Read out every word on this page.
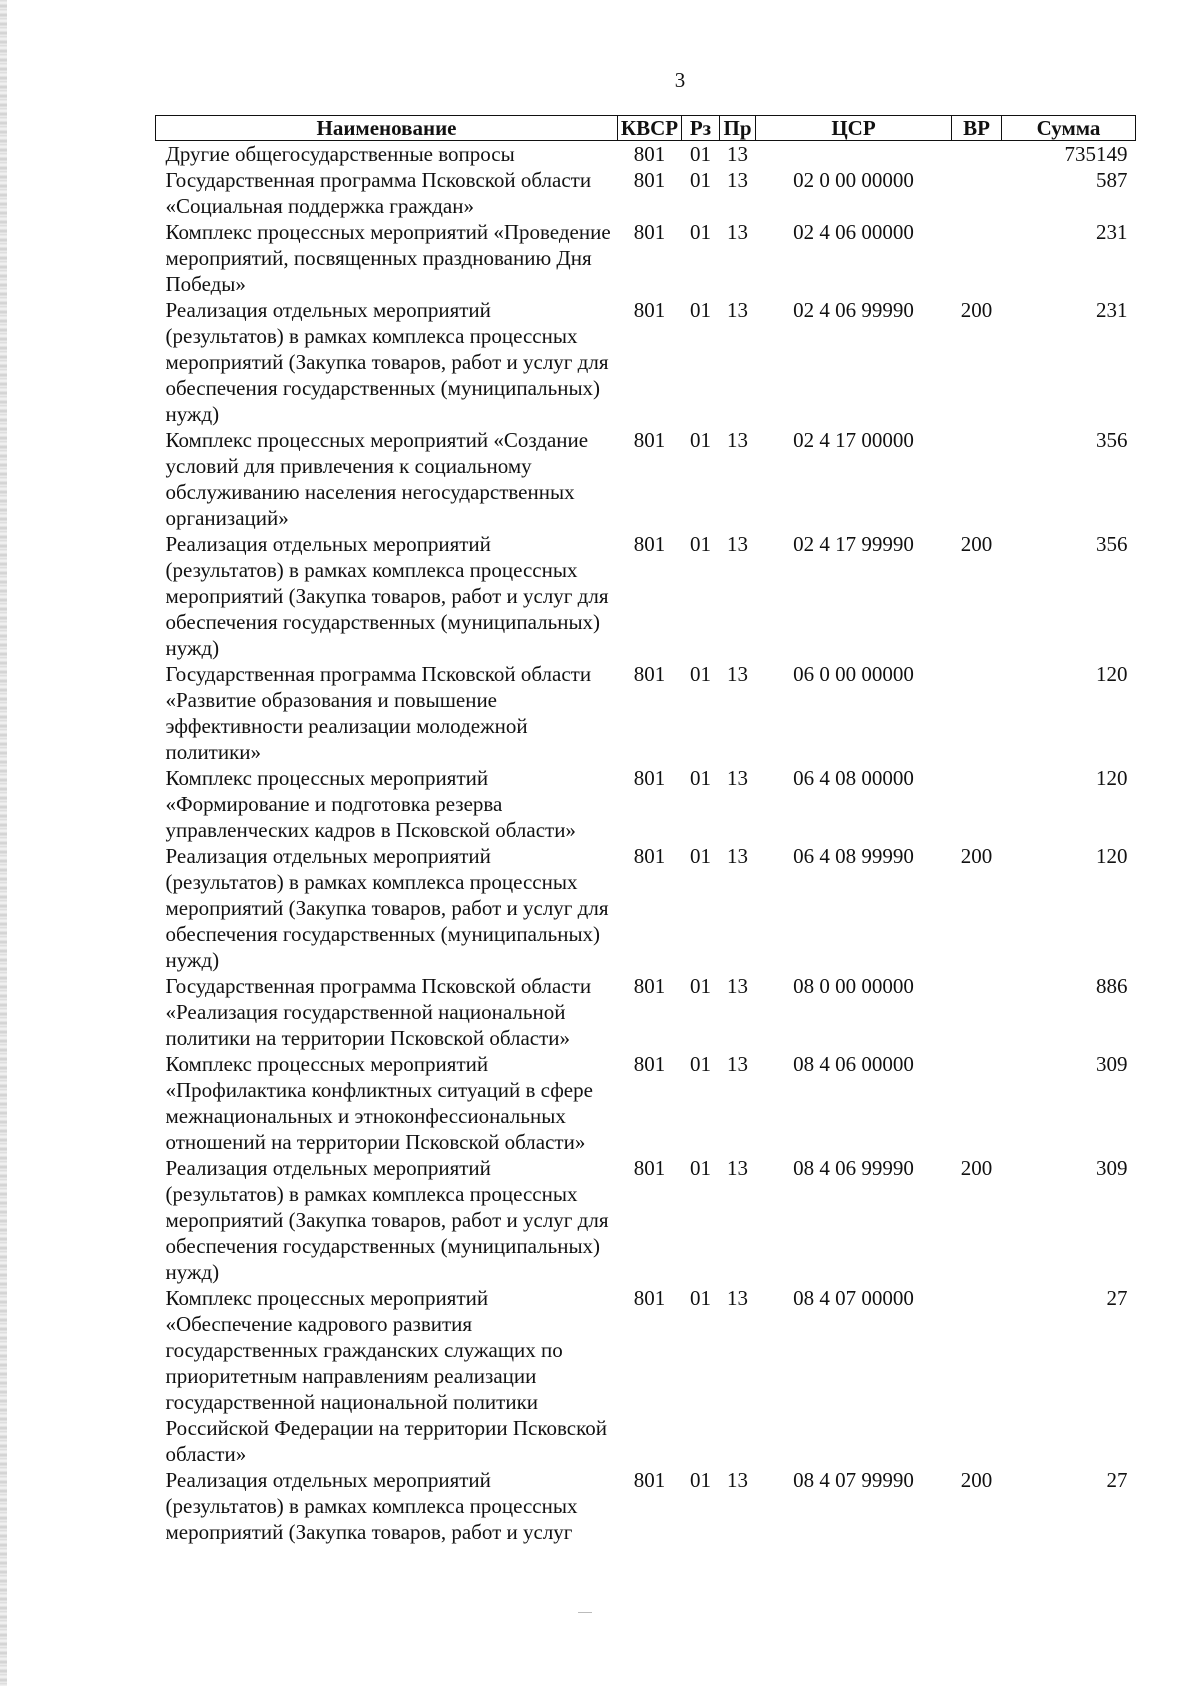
3
Наименование	КВСР	Рз	Пр	ЦСР	ВР	Сумма
Другие общегосударственные вопросы	801	01	13			735149
Государственная программа Псковской области «Социальная поддержка граждан»	801	01	13	02 0 00 00000		587
Комплекс процессных мероприятий «Проведение мероприятий, посвященных празднованию Дня Победы»	801	01	13	02 4 06 00000		231
Реализация отдельных мероприятий (результатов) в рамках комплекса процессных мероприятий (Закупка товаров, работ и услуг для обеспечения государственных (муниципальных) нужд)	801	01	13	02 4 06 99990	200	231
Комплекс процессных мероприятий «Создание условий для привлечения к социальному обслуживанию населения негосударственных организаций»	801	01	13	02 4 17 00000		356
Реализация отдельных мероприятий (результатов) в рамках комплекса процессных мероприятий (Закупка товаров, работ и услуг для обеспечения государственных (муниципальных) нужд)	801	01	13	02 4 17 99990	200	356
Государственная программа Псковской области «Развитие образования и повышение эффективности реализации молодежной политики»	801	01	13	06 0 00 00000		120
Комплекс процессных мероприятий «Формирование и подготовка резерва управленческих кадров в Псковской области»	801	01	13	06 4 08 00000		120
Реализация отдельных мероприятий (результатов) в рамках комплекса процессных мероприятий (Закупка товаров, работ и услуг для обеспечения государственных (муниципальных) нужд)	801	01	13	06 4 08 99990	200	120
Государственная программа Псковской области «Реализация государственной национальной политики на территории Псковской области»	801	01	13	08 0 00 00000		886
Комплекс процессных мероприятий «Профилактика конфликтных ситуаций в сфере межнациональных и этноконфессиональных отношений на территории Псковской области»	801	01	13	08 4 06 00000		309
Реализация отдельных мероприятий (результатов) в рамках комплекса процессных мероприятий (Закупка товаров, работ и услуг для обеспечения государственных (муниципальных) нужд)	801	01	13	08 4 06 99990	200	309
Комплекс процессных мероприятий «Обеспечение кадрового развития государственных гражданских служащих по приоритетным направлениям реализации государственной национальной политики Российской Федерации на территории Псковской области»	801	01	13	08 4 07 00000		27
Реализация отдельных мероприятий (результатов) в рамках комплекса процессных мероприятий (Закупка товаров, работ и услуг	801	01	13	08 4 07 99990	200	27
